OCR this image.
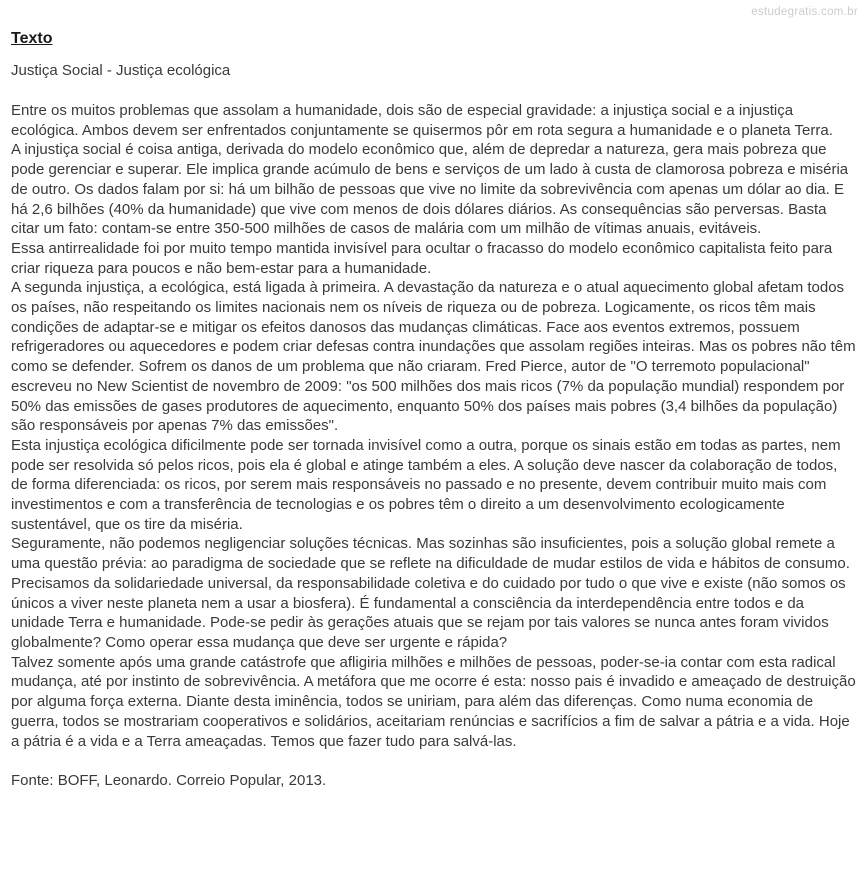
estudegratis.com.br
Texto

Justiça Social - Justiça ecológica

Entre os muitos problemas que assolam a humanidade, dois são de especial gravidade: a injustiça social e a injustiça ecológica. Ambos devem ser enfrentados conjuntamente se quisermos pôr em rota segura a humanidade e o planeta Terra.

A injustiça social é coisa antiga, derivada do modelo econômico que, além de depredar a natureza, gera mais pobreza que pode gerenciar e superar. Ele implica grande acúmulo de bens e serviços de um lado à custa de clamorosa pobreza e miséria de outro. Os dados falam por si: há um bilhão de pessoas que vive no limite da sobrevivência com apenas um dólar ao dia. E há 2,6 bilhões (40% da humanidade) que vive com menos de dois dólares diários. As consequências são perversas. Basta citar um fato: contam-se entre 350-500 milhões de casos de malária com um milhão de vítimas anuais, evitáveis.

Essa antirrealidade foi por muito tempo mantida invisível para ocultar o fracasso do modelo econômico capitalista feito para criar riqueza para poucos e não bem-estar para a humanidade.

A segunda injustiça, a ecológica, está ligada à primeira. A devastação da natureza e o atual aquecimento global afetam todos os países, não respeitando os limites nacionais nem os níveis de riqueza ou de pobreza. Logicamente, os ricos têm mais condições de adaptar-se e mitigar os efeitos danosos das mudanças climáticas. Face aos eventos extremos, possuem refrigeradores ou aquecedores e podem criar defesas contra inundações que assolam regiões inteiras. Mas os pobres não têm como se defender. Sofrem os danos de um problema que não criaram. Fred Pierce, autor de "O terremoto populacional" escreveu no New Scientist de novembro de 2009: "os 500 milhões dos mais ricos (7% da população mundial) respondem por 50% das emissões de gases produtores de aquecimento, enquanto 50% dos países mais pobres (3,4 bilhões da população) são responsáveis por apenas 7% das emissões".

Esta injustiça ecológica dificilmente pode ser tornada invisível como a outra, porque os sinais estão em todas as partes, nem pode ser resolvida só pelos ricos, pois ela é global e atinge também a eles. A solução deve nascer da colaboração de todos, de forma diferenciada: os ricos, por serem mais responsáveis no passado e no presente, devem contribuir muito mais com investimentos e com a transferência de tecnologias e os pobres têm o direito a um desenvolvimento ecologicamente sustentável, que os tire da miséria.

Seguramente, não podemos negligenciar soluções técnicas. Mas sozinhas são insuficientes, pois a solução global remete a uma questão prévia: ao paradigma de sociedade que se reflete na dificuldade de mudar estilos de vida e hábitos de consumo. Precisamos da solidariedade universal, da responsabilidade coletiva e do cuidado por tudo o que vive e existe (não somos os únicos a viver neste planeta nem a usar a biosfera). É fundamental a consciência da interdependência entre todos e da unidade Terra e humanidade. Pode-se pedir às gerações atuais que se rejam por tais valores se nunca antes foram vividos globalmente? Como operar essa mudança que deve ser urgente e rápida?

Talvez somente após uma grande catástrofe que afligiria milhões e milhões de pessoas, poder-se-ia contar com esta radical mudança, até por instinto de sobrevivência. A metáfora que me ocorre é esta: nosso pais é invadido e ameaçado de destruição por alguma força externa. Diante desta iminência, todos se uniriam, para além das diferenças. Como numa economia de guerra, todos se mostrariam cooperativos e solidários, aceitariam renúncias e sacrifícios a fim de salvar a pátria e a vida. Hoje a pátria é a vida e a Terra ameaçadas. Temos que fazer tudo para salvá-las.

Fonte: BOFF, Leonardo. Correio Popular, 2013.
